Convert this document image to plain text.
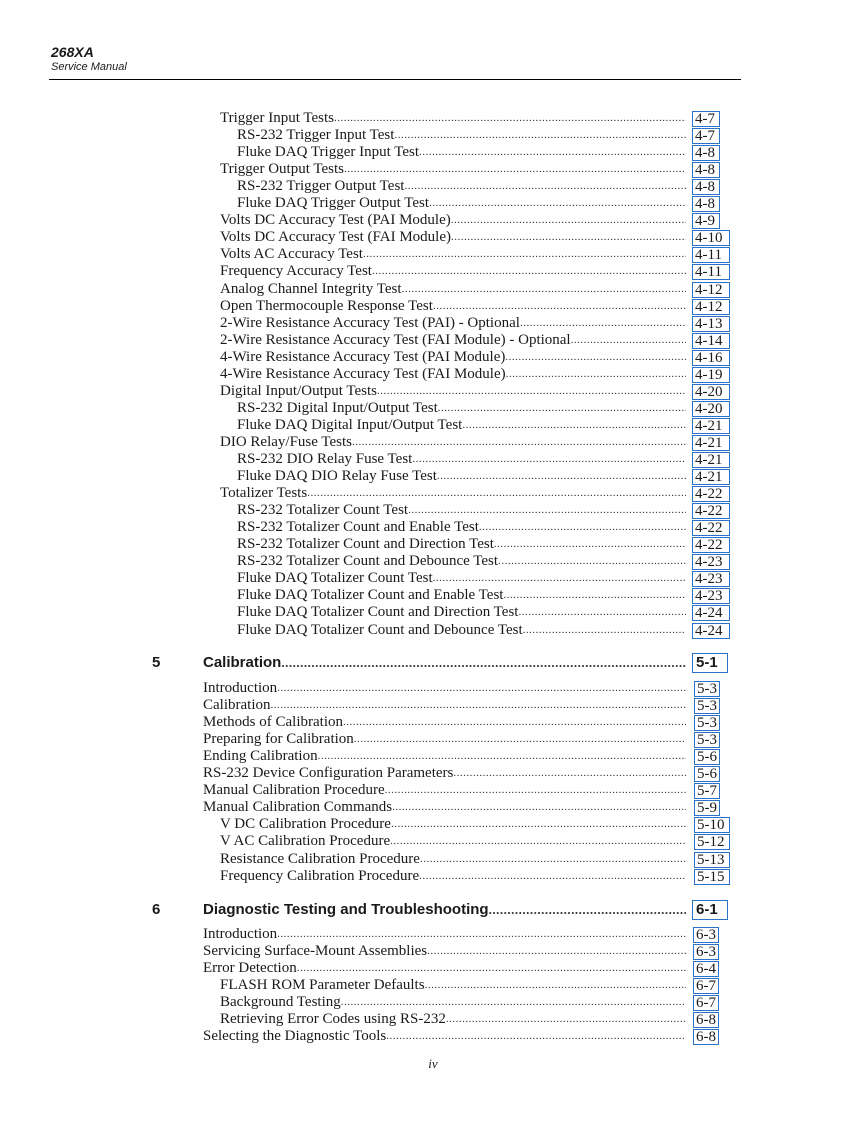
268XA
Service Manual
Trigger Input Tests .....	4-7
RS-232 Trigger Input Test .....	4-7
Fluke DAQ Trigger Input Test .....	4-8
Trigger Output Tests .....	4-8
RS-232 Trigger Output Test .....	4-8
Fluke DAQ Trigger Output Test .....	4-8
Volts DC Accuracy Test (PAI Module) .....	4-9
Volts DC Accuracy Test (FAI Module) .....	4-10
Volts AC Accuracy Test .....	4-11
Frequency Accuracy Test .....	4-11
Analog Channel Integrity Test .....	4-12
Open Thermocouple Response Test .....	4-12
2-Wire Resistance Accuracy Test (PAI) - Optional .....	4-13
2-Wire Resistance Accuracy Test (FAI Module) - Optional .....	4-14
4-Wire Resistance Accuracy Test (PAI Module) .....	4-16
4-Wire Resistance Accuracy Test (FAI Module) .....	4-19
Digital Input/Output Tests .....	4-20
RS-232 Digital Input/Output Test .....	4-20
Fluke DAQ Digital Input/Output Test .....	4-21
DIO Relay/Fuse Tests .....	4-21
RS-232 DIO Relay Fuse Test .....	4-21
Fluke DAQ DIO Relay Fuse Test .....	4-21
Totalizer Tests .....	4-22
RS-232 Totalizer Count Test .....	4-22
RS-232 Totalizer Count and Enable Test .....	4-22
RS-232 Totalizer Count and Direction Test .....	4-22
RS-232 Totalizer Count and Debounce Test .....	4-23
Fluke DAQ Totalizer Count Test .....	4-23
Fluke DAQ Totalizer Count and Enable Test .....	4-23
Fluke DAQ Totalizer Count and Direction Test .....	4-24
Fluke DAQ Totalizer Count and Debounce Test .....	4-24
5	Calibration .....	5-1
Introduction .....	5-3
Calibration .....	5-3
Methods of Calibration .....	5-3
Preparing for Calibration .....	5-3
Ending Calibration .....	5-6
RS-232 Device Configuration Parameters .....	5-6
Manual Calibration Procedure .....	5-7
Manual Calibration Commands .....	5-9
V DC Calibration Procedure .....	5-10
V AC Calibration Procedure .....	5-12
Resistance Calibration Procedure .....	5-13
Frequency Calibration Procedure .....	5-15
6	Diagnostic Testing and Troubleshooting .....	6-1
Introduction .....	6-3
Servicing Surface-Mount Assemblies .....	6-3
Error Detection .....	6-4
FLASH ROM Parameter Defaults .....	6-7
Background Testing .....	6-7
Retrieving Error Codes using RS-232 .....	6-8
Selecting the Diagnostic Tools .....	6-8
iv
